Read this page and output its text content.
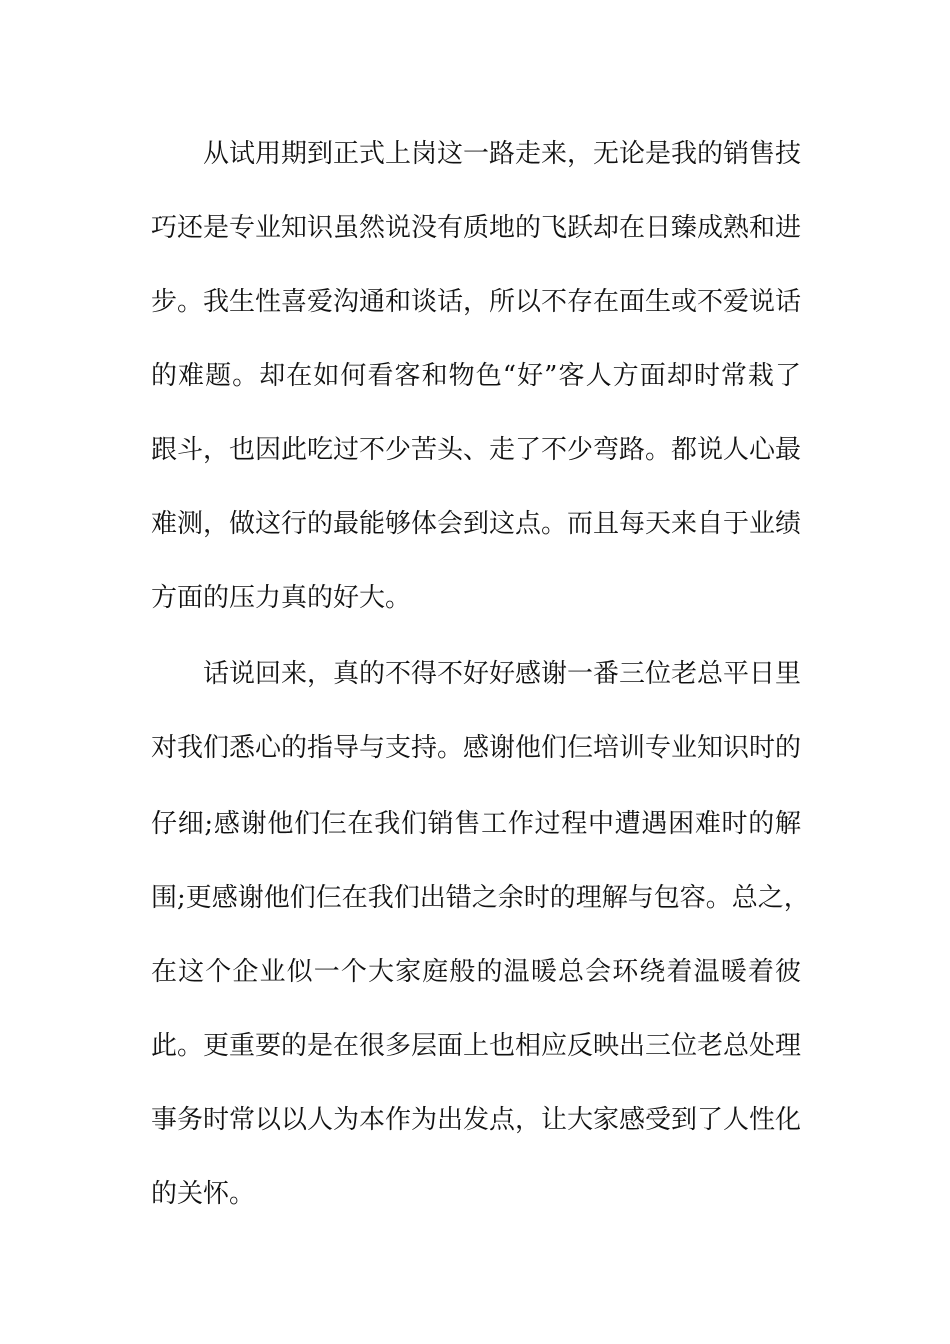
从试用期到正式上岗这一路走来，无论是我的销售技
巧还是专业知识虽然说没有质地的飞跃却在日臻成熟和进
步。我生性喜爱沟通和谈话，所以不存在面生或不爱说话
的难题。却在如何看客和物色“好”客人方面却时常栽了
跟斗，也因此吃过不少苦头、走了不少弯路。都说人心最
难测，做这行的最能够体会到这点。而且每天来自于业绩
方面的压力真的好大。
话说回来，真的不得不好好感谢一番三位老总平日里
对我们悉心的指导与支持。感谢他们仨培训专业知识时的
仔细;感谢他们仨在我们销售工作过程中遭遇困难时的解
围;更感谢他们仨在我们出错之余时的理解与包容。总之，
在这个企业似一个大家庭般的温暖总会环绕着温暖着彼
此。更重要的是在很多层面上也相应反映出三位老总处理
事务时常以以人为本作为出发点，让大家感受到了人性化
的关怀。
